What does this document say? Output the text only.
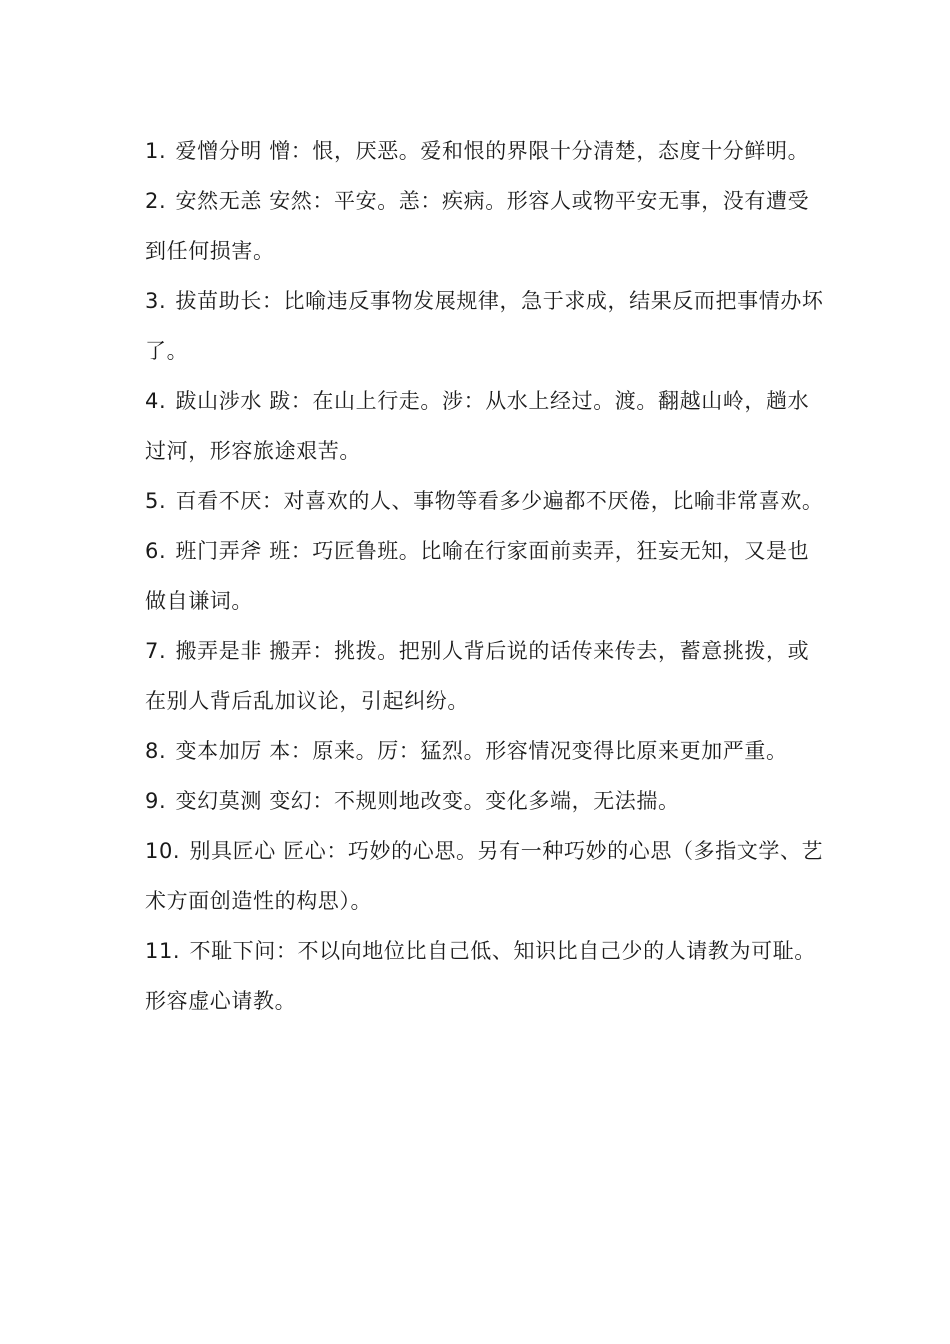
1. 爱憎分明 憎：恨，厌恶。爱和恨的界限十分清楚，态度十分鲜明。

2. 安然无恙 安然：平安。恙：疾病。形容人或物平安无事，没有遭受到任何损害。

3. 拔苗助长：比喻违反事物发展规律，急于求成，结果反而把事情办坏了。

4. 跋山涉水 跋：在山上行走。涉：从水上经过。渡。翻越山岭，趟水过河，形容旅途艰苦。

5. 百看不厌：对喜欢的人、事物等看多少遍都不厌倦，比喻非常喜欢。

6. 班门弄斧 班：巧匠鲁班。比喻在行家面前卖弄，狂妄无知，又是也做自谦词。

7. 搬弄是非 搬弄：挑拨。把别人背后说的话传来传去，蓄意挑拨，或在别人背后乱加议论，引起纠纷。

8. 变本加厉 本：原来。厉：猛烈。形容情况变得比原来更加严重。

9. 变幻莫测 变幻：不规则地改变。变化多端，无法揣。

10. 别具匠心 匠心：巧妙的心思。另有一种巧妙的心思（多指文学、艺术方面创造性的构思）。

11. 不耻下问：不以向地位比自己低、知识比自己少的人请教为可耻。形容虚心请教。
